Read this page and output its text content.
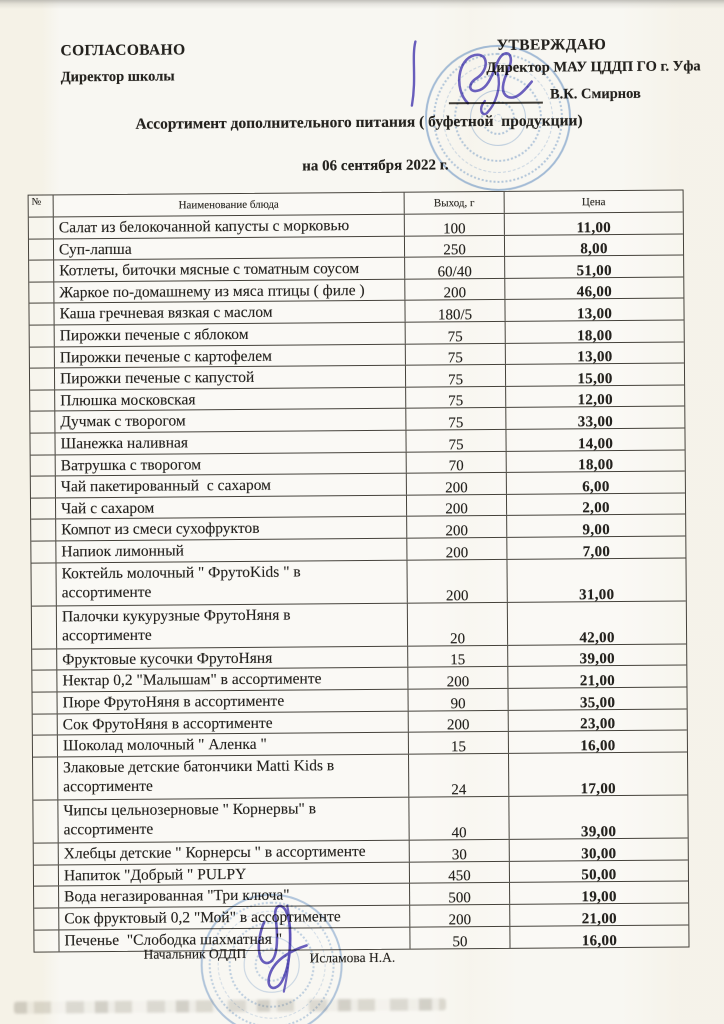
СОГЛАСОВАНО
Директор школы
УТВЕРЖДАЮ
Директор МАУ ЦДДП ГО г. Уфа
В.К. Смирнов
Ассортимент дополнительного питания ( буфетной  продукции)
на 06 сентября 2022 г.
№	Наименование блюда	Выход, г	Цена
Салат из белокочанной капусты с морковью	100	11,00
Суп-лапша	250	8,00
Котлеты, биточки мясные с томатным соусом	60/40	51,00
Жаркое по-домашнему из мяса птицы ( филе )	200	46,00
Каша гречневая вязкая с маслом	180/5	13,00
Пирожки печеные с яблоком	75	18,00
Пирожки печеные с картофелем	75	13,00
Пирожки печеные с капустой	75	15,00
Плюшка московская	75	12,00
Дучмак с творогом	75	33,00
Шанежка наливная	75	14,00
Ватрушка с творогом	70	18,00
Чай пакетированный  с сахаром	200	6,00
Чай с сахаром	200	2,00
Компот из смеси сухофруктов	200	9,00
Напиок лимонный	200	7,00
Коктейль молочный " ФрутоKids " в
ассортименте	200	31,00
Палочки кукурузные ФрутоНяня в
ассортименте	20	42,00
Фруктовые кусочки ФрутоНяня	15	39,00
Нектар 0,2 "Малышам" в ассортименте	200	21,00
Пюре ФрутоНяня в ассортименте	90	35,00
Сок ФрутоНяня в ассортименте	200	23,00
Шоколад молочный " Аленка "	15	16,00
Злаковые детские батончики Matti Kids в
ассортименте	24	17,00
Чипсы цельнозерновые " Корнервы" в
ассортименте	40	39,00
Хлебцы детские " Корнерсы " в ассортименте	30	30,00
Напиток "Добрый " PULPY	450	50,00
Вода негазированная "Три ключа"	500	19,00
Сок фруктовый 0,2 "Мой" в ассортименте	200	21,00
Печенье  "Слободка шахматная "	50	16,00
Начальник ОДДП	Исламова Н.А.
